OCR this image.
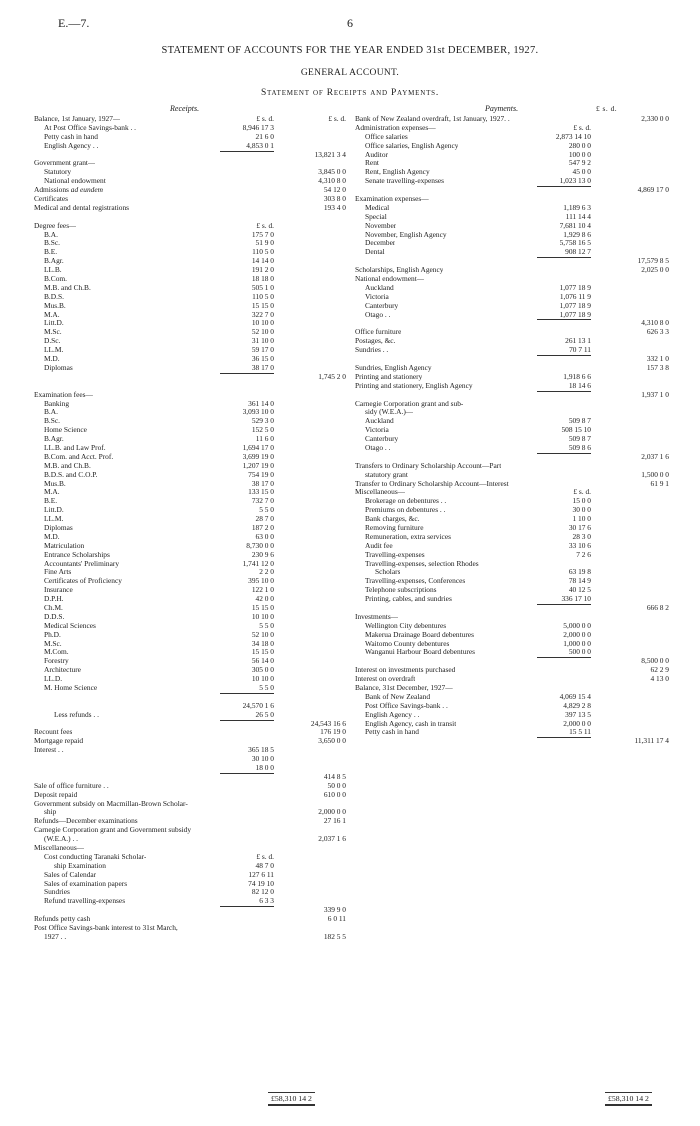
E.—7.	6
STATEMENT OF ACCOUNTS FOR THE YEAR ENDED 31st DECEMBER, 1927.
GENERAL ACCOUNT.
Statement of Receipts and Payments.
Receipts.	Payments.	£ s. d.
Balance, 1st January, 1927—	£ s. d.	£ s. d.
At Post Office Savings-bank . .	8,946 17 3
Petty cash in hand	21 6 0
English Agency . .	4,853 0 1
13,821 3 4
Government grant—
Statutory	3,845 0 0
National endowment	4,310 8 0
Admissions ad eundem	54 12 0
Certificates	303 8 0
Medical and dental registrations	193 4 0
Degree fees—	£ s. d.
B.A.	175 7 0
B.Sc.	51 9 0
B.E.	110 5 0
B.Agr.	14 14 0
LL.B.	191 2 0
B.Com.	18 18 0
M.B. and Ch.B.	505 1 0
B.D.S.	110 5 0
Mus.B.	15 15 0
M.A.	322 7 0
Litt.D.	10 10 0
M.Sc.	52 10 0
D.Sc.	31 10 0
LL.M.	59 17 0
M.D.	36 15 0
Diplomas	38 17 0
1,745 2 0
Examination fees—
Banking	361 14 0
B.A.	3,093 10 0
B.Sc.	529 3 0
Home Science	152 5 0
B.Agr.	11 6 0
LL.B. and Law Prof.	1,694 17 0
B.Com. and Acct. Prof.	3,699 19 0
M.B. and Ch.B.	1,207 19 0
B.D.S. and C.O.P.	754 19 0
Mus.B.	38 17 0
M.A.	133 15 0
B.E.	732 7 0
Litt.D.	5 5 0
LL.M.	28 7 0
Diplomas	187 2 0
M.D.	63 0 0
Matriculation	8,730 0 0
Entrance Scholarships	230 9 6
Accountants' Preliminary	1,741 12 0
Fine Arts	2 2 0
Certificates of Proficiency	395 10 0
Insurance	122 1 0
D.P.H.	42 0 0
Ch.M.	15 15 0
D.D.S.	10 10 0
Medical Sciences	5 5 0
Ph.D.	52 10 0
M.Sc.	34 18 0
M.Com.	15 15 0
Forestry	56 14 0
Architecture	305 0 0
LL.D.	10 10 0
M. Home Science	5 5 0
24,570 1 6
Less refunds . .	26 5 0
24,543 16 6
Recount fees	176 19 0
Mortgage repaid	3,650 0 0
Interest . .	365 18 5
30 10 0
18 0 0
414 8 5
Sale of office furniture . .	50 0 0
Deposit repaid	610 0 0
Government subsidy on Macmillan-Brown Scholar-
ship	2,000 0 0
Refunds—December examinations	27 16 1
Carnegie Corporation grant and Government subsidy
(W.E.A.) . .	2,037 1 6
Miscellaneous—
Cost conducting Taranaki Scholar-	£ s. d.
ship Examination	48 7 0
Sales of Calendar	127 6 11
Sales of examination papers	74 19 10
Sundries	82 12 0
Refund travelling-expenses	6 3 3
339 9 0
Refunds petty cash	6 0 11
Post Office Savings-bank interest to 31st March,
1927 . .	182 5 5
Bank of New Zealand overdraft, 1st January, 1927. .	2,330 0 0
Administration expenses—	£ s. d.
Office salaries	2,873 14 10
Office salaries, English Agency	280 0 0
Auditor	100 0 0
Rent	547 9 2
Rent, English Agency	45 0 0
Senate travelling-expenses	1,023 13 0
4,869 17 0
Examination expenses—
Medical	1,189 6 3
Special	111 14 4
November	7,681 10 4
November, English Agency	1,929 8 6
December	5,758 16 5
Dental	908 12 7
17,579 8 5
Scholarships, English Agency	2,025 0 0
National endowment—
Auckland	1,077 18 9
Victoria	1,076 11 9
Canterbury	1,077 18 9
Otago . .	1,077 18 9
4,310 8 0
Office furniture	626 3 3
Postages, &c.	261 13 1
Sundries . .	70 7 11
332 1 0
Sundries, English Agency	157 3 8
Printing and stationery	1,918 6 6
Printing and stationery, English Agency	18 14 6
1,937 1 0
Carnegie Corporation grant and sub-
sidy (W.E.A.)—
Auckland	509 8 7
Victoria	508 15 10
Canterbury	509 8 7
Otago . .	509 8 6
2,037 1 6
Transfers to Ordinary Scholarship Account—Part
statutory grant	1,500 0 0
Transfer to Ordinary Scholarship Account—Interest	61 9 1
Miscellaneous—	£ s. d.
Brokerage on debentures . .	15 0 0
Premiums on debentures . .	30 0 0
Bank charges, &c.	1 10 0
Removing furniture	30 17 6
Remuneration, extra services	28 3 0
Audit fee	33 10 6
Travelling-expenses	7 2 6
Travelling-expenses, selection Rhodes
Scholars	63 19 8
Travelling-expenses, Conferences	78 14 9
Telephone subscriptions	40 12 5
Printing, cables, and sundries	336 17 10
666 8 2
Investments—
Wellington City debentures	5,000 0 0
Makerua Drainage Board debentures	2,000 0 0
Waitomo County debentures	1,000 0 0
Wanganui Harbour Board debentures	500 0 0
8,500 0 0
Interest on investments purchased	62 2 9
Interest on overdraft	4 13 0
Balance, 31st December, 1927—
Bank of New Zealand	4,069 15 4
Post Office Savings-bank . .	4,829 2 8
English Agency . .	397 13 5
English Agency, cash in transit	2,000 0 0
Petty cash in hand	15 5 11
11,311 17 4
£58,310 14 2	£58,310 14 2
